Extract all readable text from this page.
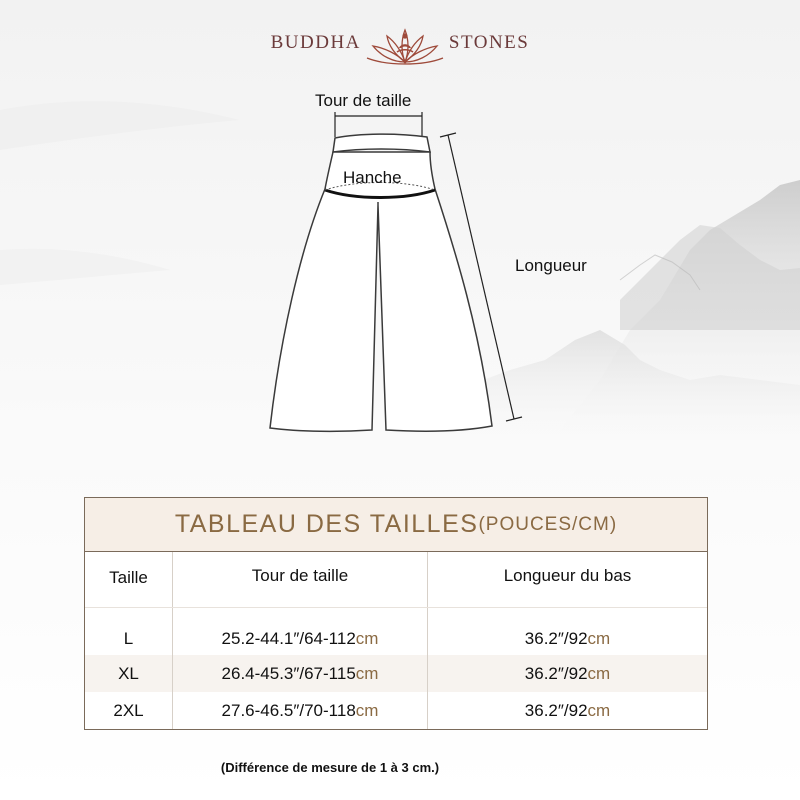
BUDDHA	STONES
Tour de taille
Hanche
Longueur
TABLEAU DES TAILLES (POUCES/CM)
Taille	Tour de taille	Longueur du bas
L	25.2-44.1″/64-112 cm	36.2″/92 cm
XL	26.4-45.3″/67-115 cm	36.2″/92 cm
2XL	27.6-46.5″/70-118 cm	36.2″/92 cm
(Différence de mesure de 1 à 3 cm.)
